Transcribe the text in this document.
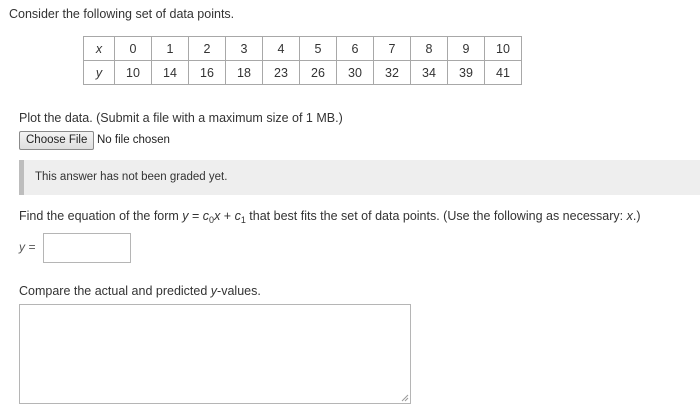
Consider the following set of data points.
x	0	1	2	3	4	5	6	7	8	9	10
y	10	14	16	18	23	26	30	32	34	39	41
Plot the data. (Submit a file with a maximum size of 1 MB.)
Choose File No file chosen
This answer has not been graded yet.
Find the equation of the form $y = c_0x + c_1$ that best fits the set of data points. (Use the following as necessary: x.)
y =
Compare the actual and predicted y-values.
